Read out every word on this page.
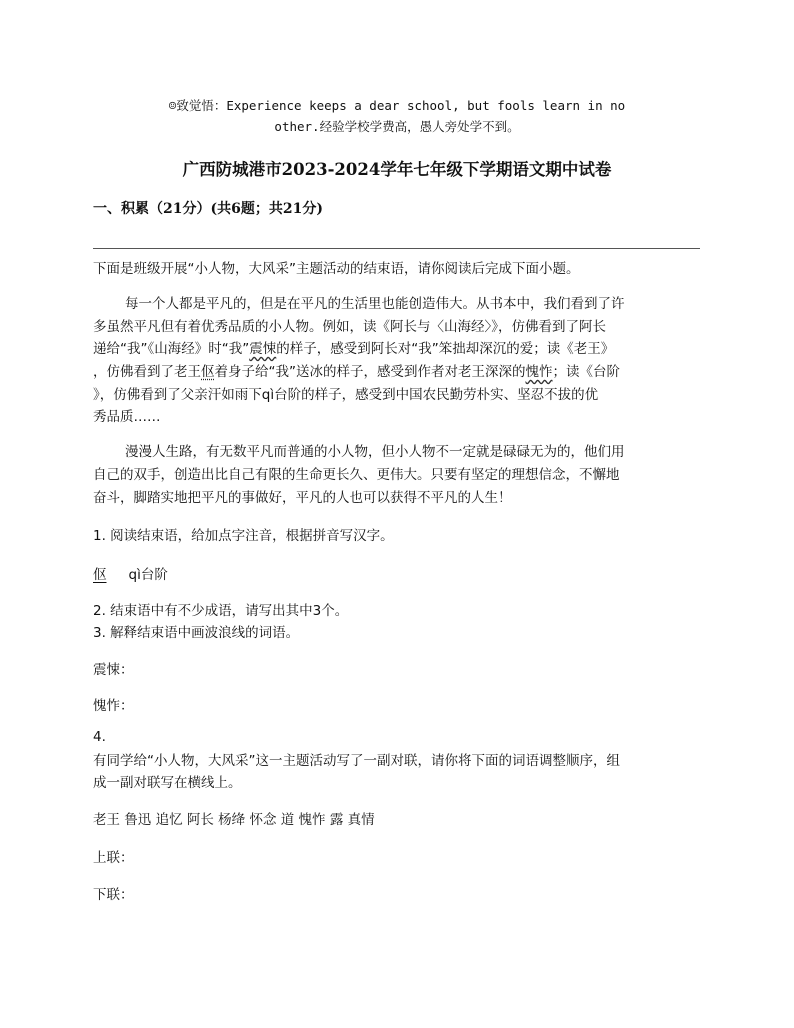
☺致觉悟：Experience keeps a dear school, but fools learn in no
other.经验学校学费高，愚人旁处学不到。
广西防城港市2023-2024学年七年级下学期语文期中试卷
一、积累（21分）(共6题；共21分)
下面是班级开展“小人物，大风采”主题活动的结束语，请你阅读后完成下面小题。
每一个人都是平凡的，但是在平凡的生活里也能创造伟大。从书本中，我们看到了许
多虽然平凡但有着优秀品质的小人物。例如，读《阿长与〈山海经〉》，仿佛看到了阿长
递给“我”《山海经》时“我”震悚的样子，感受到阿长对“我”笨拙却深沉的爱；读《老王》
，仿佛看到了老王伛着身子给“我”送冰的样子，感受到作者对老王深深的愧怍；读《台阶
》，仿佛看到了父亲汗如雨下qì台阶的样子，感受到中国农民勤劳朴实、坚忍不拔的优
秀品质……
漫漫人生路，有无数平凡而普通的小人物，但小人物不一定就是碌碌无为的，他们用
自己的双手，创造出比自己有限的生命更长久、更伟大。只要有坚定的理想信念，不懈地
奋斗，脚踏实地把平凡的事做好，平凡的人也可以获得不平凡的人生！
1. 阅读结束语，给加点字注音，根据拼音写汉字。
伛 qì台阶
2. 结束语中有不少成语，请写出其中3个。
3. 解释结束语中画波浪线的词语。
震悚：
愧怍：
4.
有同学给“小人物，大风采”这一主题活动写了一副对联，请你将下面的词语调整顺序，组
成一副对联写在横线上。
老王 鲁迅 追忆 阿长 杨绛 怀念 道 愧怍 露 真情
上联：
下联：
